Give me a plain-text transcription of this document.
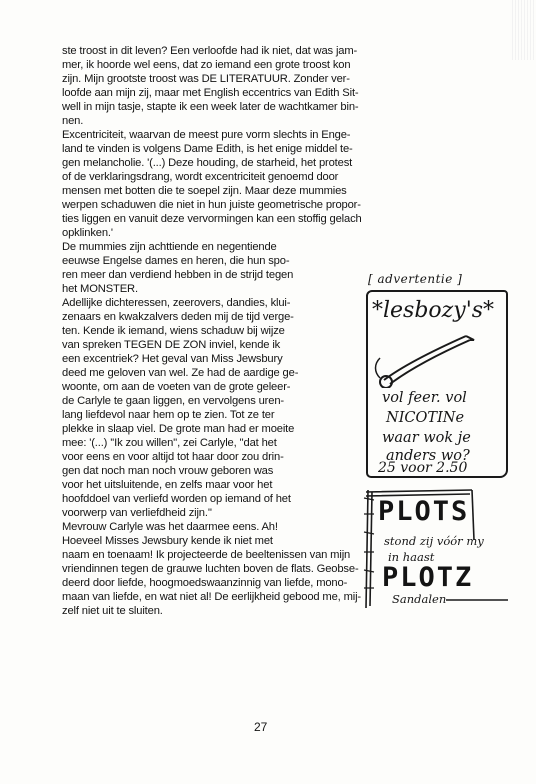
ste troost in dit leven? Een verloofde had ik niet, dat was jam-
mer, ik hoorde wel eens, dat zo iemand een grote troost kon
zijn. Mijn grootste troost was DE LITERATUUR. Zonder ver-
loofde aan mijn zij, maar met English eccentrics van Edith Sit-
well in mijn tasje, stapte ik een week later de wachtkamer bin-
nen.
Excentriciteit, waarvan de meest pure vorm slechts in Enge-
land te vinden is volgens Dame Edith, is het enige middel te-
gen melancholie. '(...) Deze houding, de starheid, het protest
of de verklaringsdrang, wordt excentriciteit genoemd door
mensen met botten die te soepel zijn. Maar deze mummies
werpen schaduwen die niet in hun juiste geometrische propor-
ties liggen en vanuit deze vervormingen kan een stoffig gelach
opklinken.'
De mummies zijn achttiende en negentiende
eeuwse Engelse dames en heren, die hun spo-
ren meer dan verdiend hebben in de strijd tegen
het MONSTER.
Adellijke dichteressen, zeerovers, dandies, klui-
zenaars en kwakzalvers deden mij de tijd verge-
ten. Kende ik iemand, wiens schaduw bij wijze
van spreken TEGEN DE ZON inviel, kende ik
een excentriek? Het geval van Miss Jewsbury
deed me geloven van wel. Ze had de aardige ge-
woonte, om aan de voeten van de grote geleer-
de Carlyle te gaan liggen, en vervolgens uren-
lang liefdevol naar hem op te zien. Tot ze ter
plekke in slaap viel. De grote man had er moeite
mee: '(...) ''Ik zou willen'', zei Carlyle, ''dat het
voor eens en voor altijd tot haar door zou drin-
gen dat noch man noch vrouw geboren was
voor het uitsluitende, en zelfs maar voor het
hoofddoel van verliefd worden op iemand of het
voorwerp van verliefdheid zijn.''
Mevrouw Carlyle was het daarmee eens. Ah!
Hoeveel Misses Jewsbury kende ik niet met
naam en toenaam! Ik projecteerde de beeltenissen van mijn
vriendinnen tegen de grauwe luchten boven de flats. Geobse-
deerd door liefde, hoogmoedswaanzinnig van liefde, mono-
maan van liefde, en wat niet al! De eerlijkheid gebood me, mij-
zelf niet uit te sluiten.
[ advertentie ]
*lesbozy's*
vol feer. vol
NICOTINe
waar wok je
anders wo?
25 voor 2.50
PLOTS
stond zij vóór my
in haast
PLOTZ
Sandalen
27
